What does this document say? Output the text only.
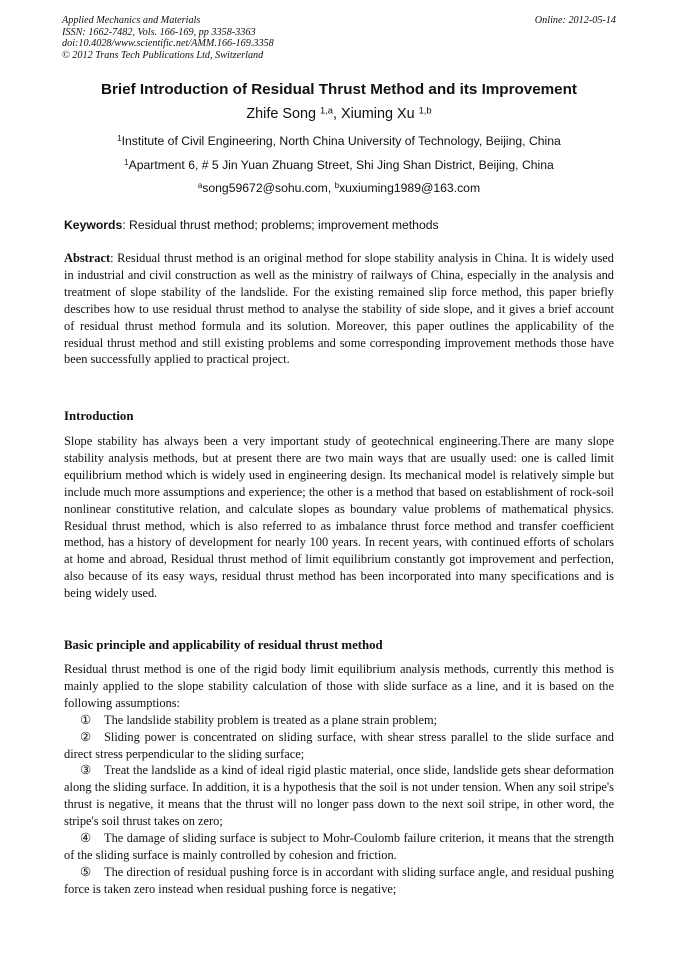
Applied Mechanics and Materials
ISSN: 1662-7482, Vols. 166-169, pp 3358-3363
doi:10.4028/www.scientific.net/AMM.166-169.3358
© 2012 Trans Tech Publications Ltd, Switzerland
Online: 2012-05-14
Brief Introduction of Residual Thrust Method and its Improvement
Zhife Song $^{1,a}$, Xiuming Xu $^{1,b}$
$^1$Institute of Civil Engineering, North China University of Technology, Beijing, China
$^1$Apartment 6, # 5 Jin Yuan Zhuang Street, Shi Jing Shan District, Beijing, China
$^a$song59672@sohu.com, $^b$xuxiuming1989@163.com
Keywords: Residual thrust method; problems; improvement methods

Abstract: Residual thrust method is an original method for slope stability analysis in China. It is widely used in industrial and civil construction as well as the ministry of railways of China, especially in the analysis and treatment of slope stability of the landslide. For the existing remained slip force method, this paper briefly describes how to use residual thrust method to analyse the stability of side slope, and it gives a brief account of residual thrust method formula and its solution. Moreover, this paper outlines the applicability of the residual thrust method and still existing problems and some corresponding improvement methods those have been successfully applied to practical project.

Introduction

Slope stability has always been a very important study of geotechnical engineering.There are many slope stability analysis methods, but at present there are two main ways that are usually used: one is called limit equilibrium method which is widely used in engineering design. Its mechanical model is relatively simple but include much more assumptions and experience; the other is a method that based on establishment of rock-soil nonlinear constitutive relation, and calculate slopes as boundary value problems of mathematical physics. Residual thrust method, which is also referred to as imbalance thrust force method and transfer coefficient method, has a history of development for nearly 100 years. In recent years, with continued efforts of scholars at home and abroad, Residual thrust method of limit equilibrium constantly got improvement and perfection, also because of its easy ways, residual thrust method has been incorporated into many specifications and is being widely used.

Basic principle and applicability of residual thrust method

Residual thrust method is one of the rigid body limit equilibrium analysis methods, currently this method is mainly applied to the slope stability calculation of those with slide surface as a line, and it is based on the following assumptions:

① The landslide stability problem is treated as a plane strain problem;

② Sliding power is concentrated on sliding surface, with shear stress parallel to the slide surface and direct stress perpendicular to the sliding surface;

③ Treat the landslide as a kind of ideal rigid plastic material, once slide, landslide gets shear deformation along the sliding surface. In addition, it is a hypothesis that the soil is not under tension. When any soil stripe's thrust is negative, it means that the thrust will no longer pass down to the next soil stripe, in other word, the stripe's soil thrust takes on zero;

④ The damage of sliding surface is subject to Mohr-Coulomb failure criterion, it means that the strength of the sliding surface is mainly controlled by cohesion and friction.

⑤ The direction of residual pushing force is in accordant with sliding surface angle, and residual pushing force is taken zero instead when residual pushing force is negative;
